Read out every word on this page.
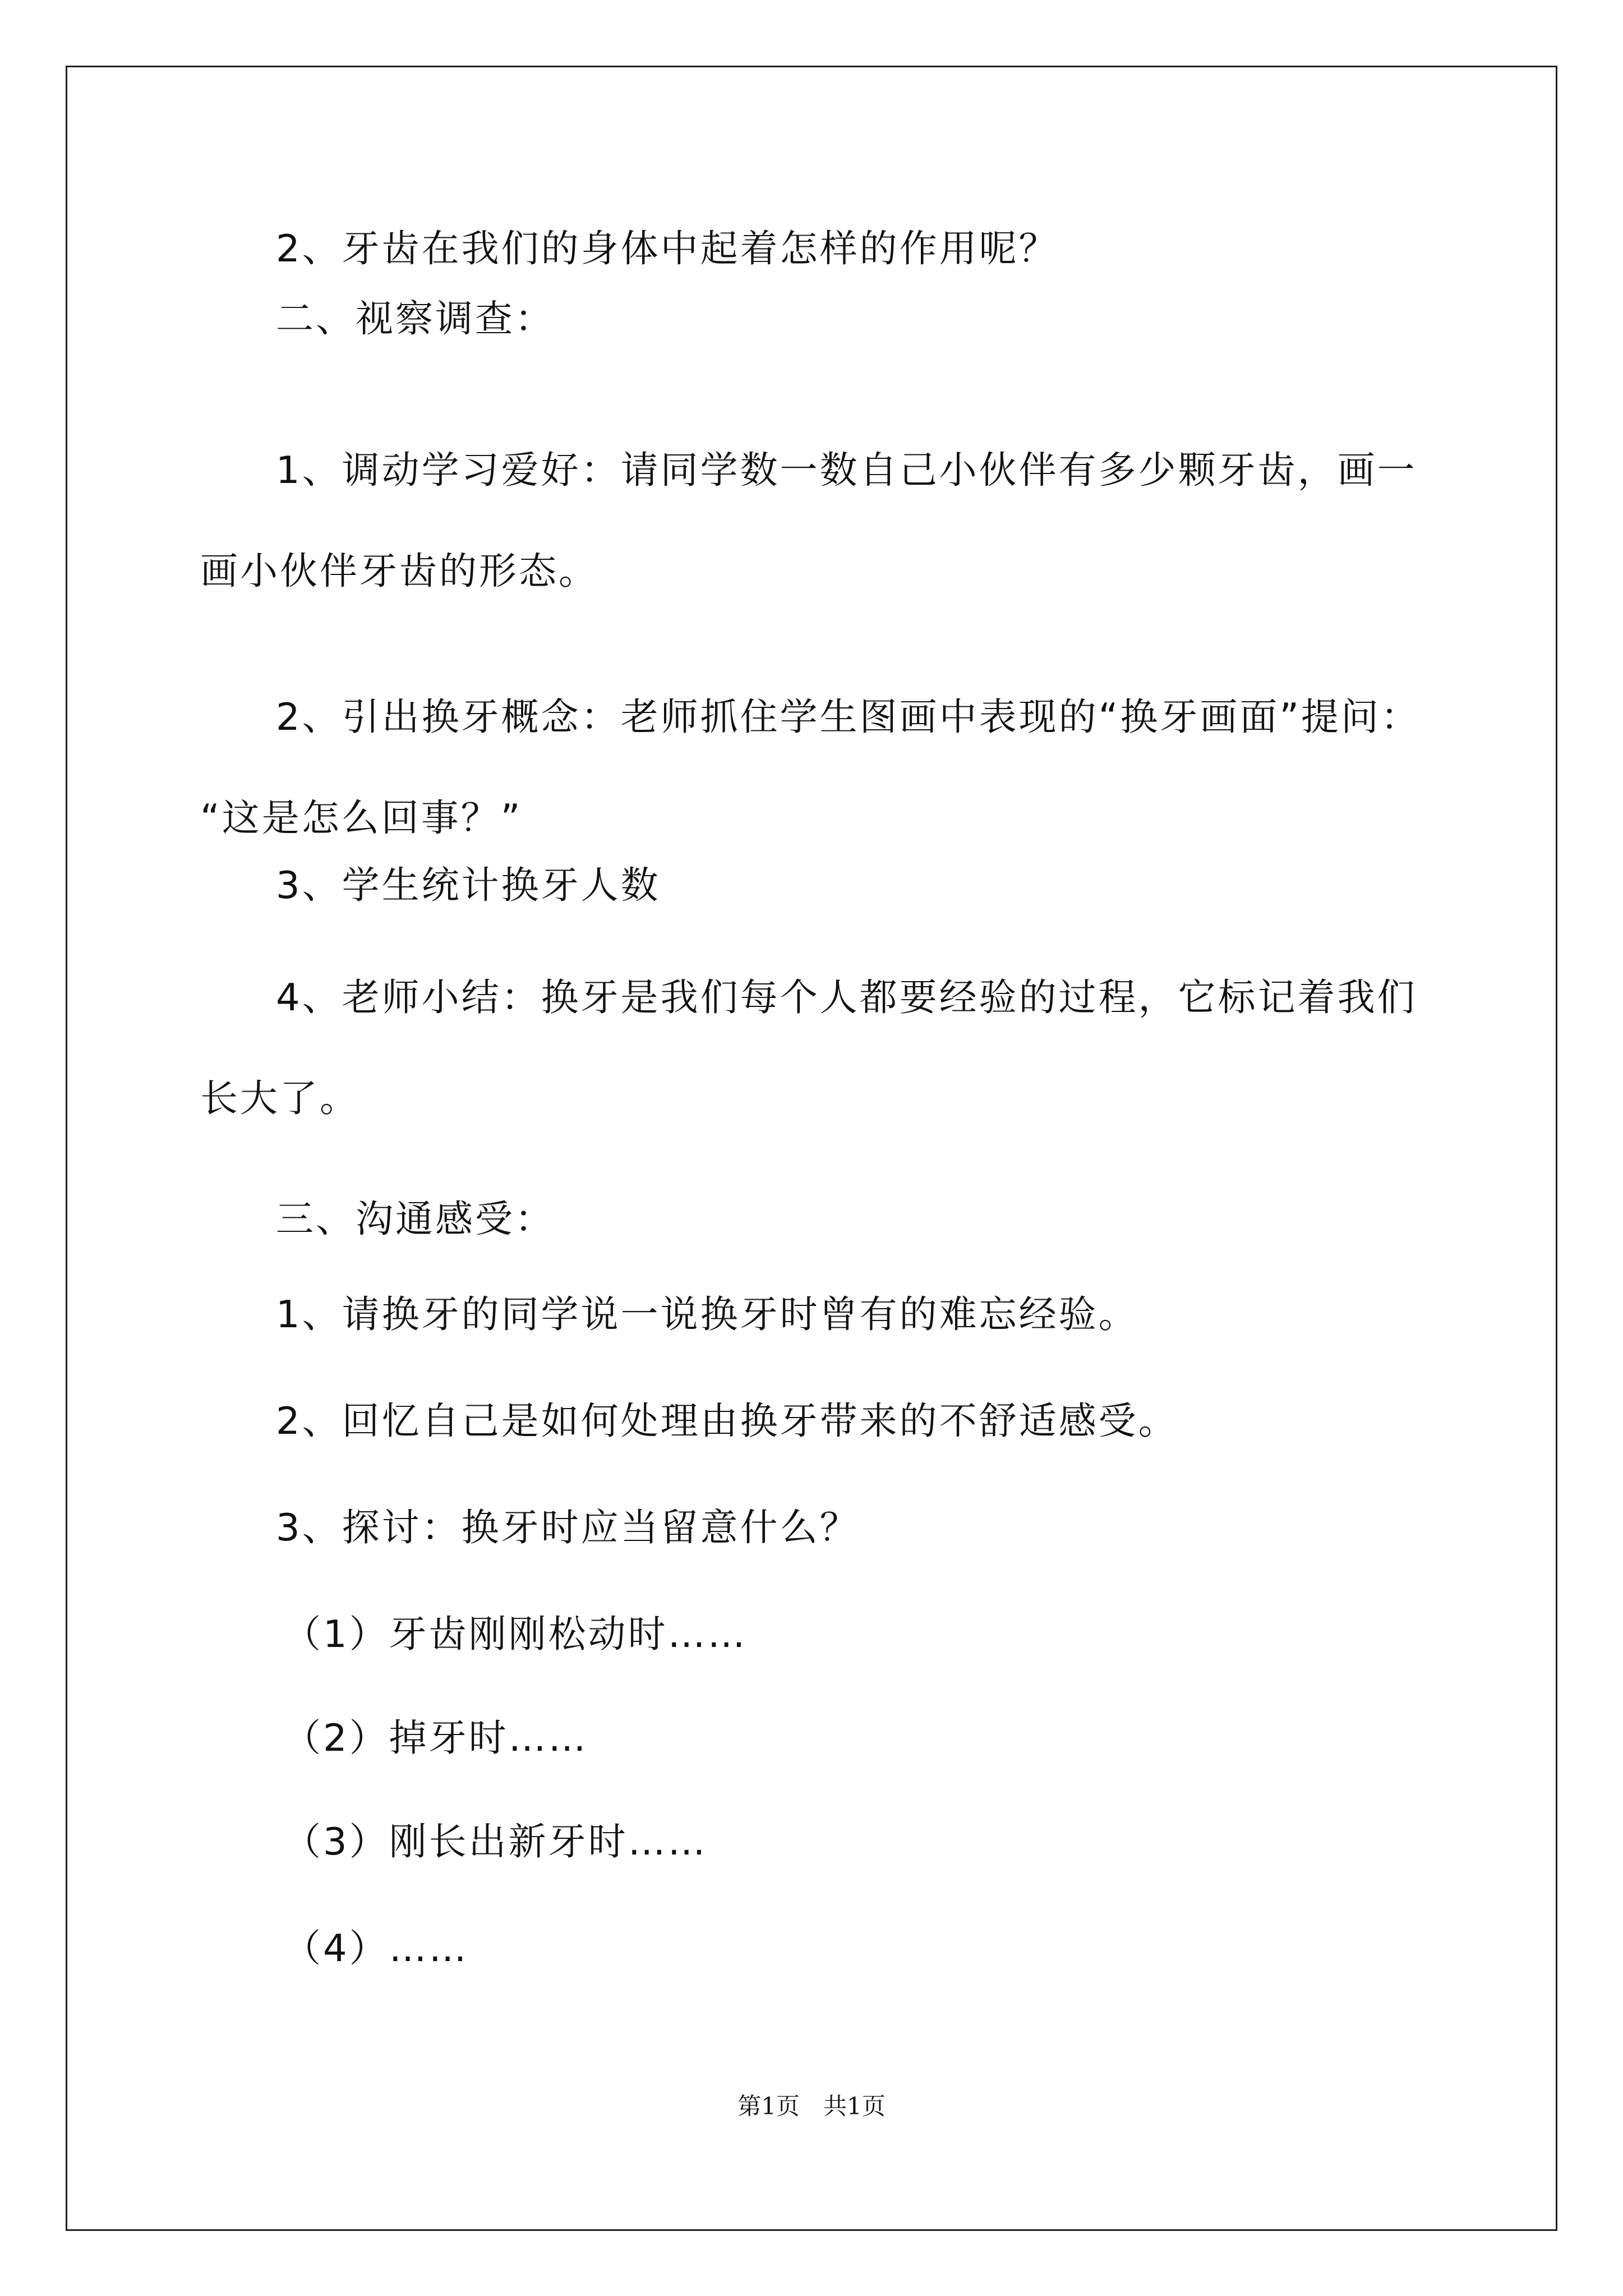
2、牙齿在我们的身体中起着怎样的作用呢？

二、视察调查：

1、调动学习爱好：请同学数一数自己小伙伴有多少颗牙齿，画一

画小伙伴牙齿的形态。

2、引出换牙概念：老师抓住学生图画中表现的“换牙画面”提问：

“这是怎么回事？”

3、学生统计换牙人数

4、老师小结：换牙是我们每个人都要经验的过程，它标记着我们

长大了。

三、沟通感受：

1、请换牙的同学说一说换牙时曾有的难忘经验。

2、回忆自己是如何处理由换牙带来的不舒适感受。

3、探讨：换牙时应当留意什么？

（1）牙齿刚刚松动时……

（2）掉牙时……

（3）刚长出新牙时……

（4）……

第1页　共1页
